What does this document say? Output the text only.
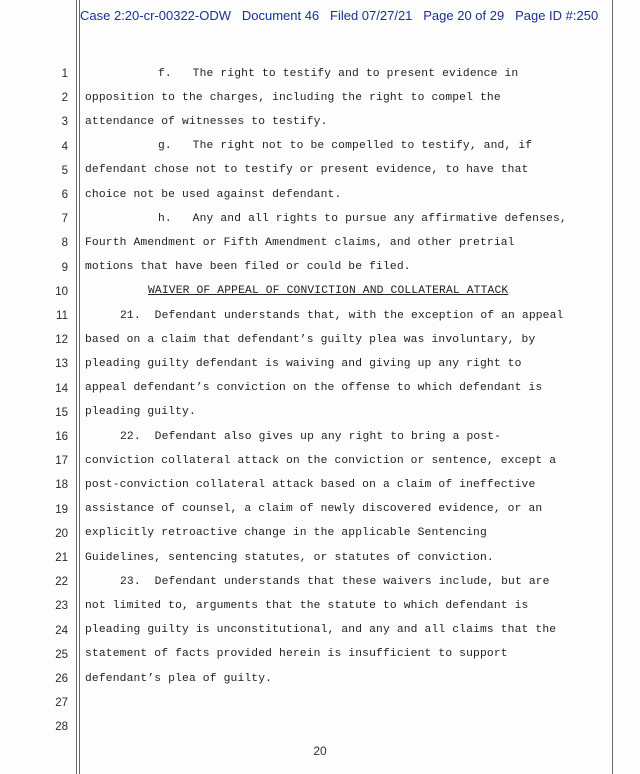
Case 2:20-cr-00322-ODW Document 46 Filed 07/27/21 Page 20 of 29 Page ID #:250
1	f.   The right to testify and to present evidence in
2 opposition to the charges, including the right to compel the
3 attendance of witnesses to testify.
4	g.   The right not to be compelled to testify, and, if
5 defendant chose not to testify or present evidence, to have that
6 choice not be used against defendant.
7	h.   Any and all rights to pursue any affirmative defenses,
8 Fourth Amendment or Fifth Amendment claims, and other pretrial
9 motions that have been filed or could be filed.
10	WAIVER OF APPEAL OF CONVICTION AND COLLATERAL ATTACK
11	21.  Defendant understands that, with the exception of an appeal
12 based on a claim that defendant’s guilty plea was involuntary, by
13 pleading guilty defendant is waiving and giving up any right to
14 appeal defendant’s conviction on the offense to which defendant is
15 pleading guilty.
16	22.  Defendant also gives up any right to bring a post-
17 conviction collateral attack on the conviction or sentence, except a
18 post-conviction collateral attack based on a claim of ineffective
19 assistance of counsel, a claim of newly discovered evidence, or an
20 explicitly retroactive change in the applicable Sentencing
21 Guidelines, sentencing statutes, or statutes of conviction.
22	23.  Defendant understands that these waivers include, but are
23 not limited to, arguments that the statute to which defendant is
24 pleading guilty is unconstitutional, and any and all claims that the
25 statement of facts provided herein is insufficient to support
26 defendant’s plea of guilty.
27
28
20
